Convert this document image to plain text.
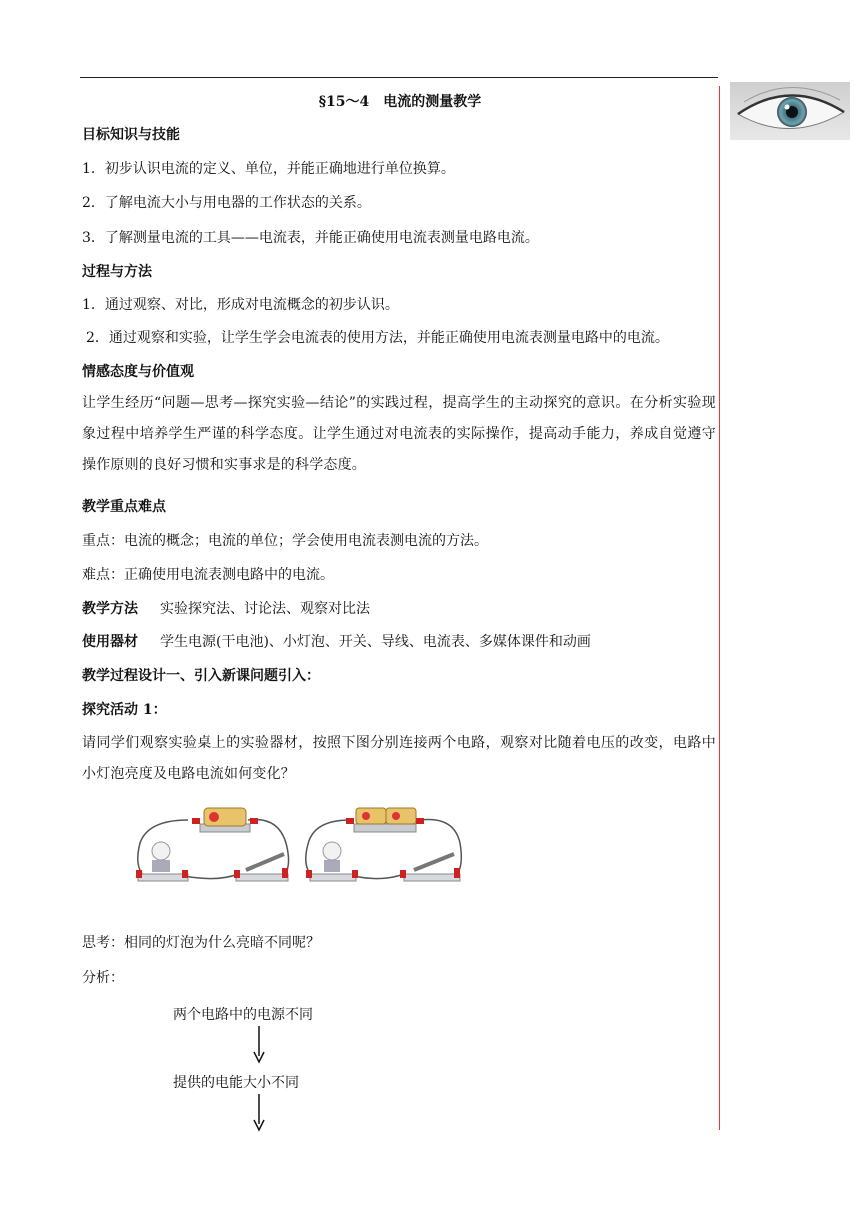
§15～4　电流的测量教学
目标知识与技能
1．初步认识电流的定义、单位，并能正确地进行单位换算。
2．了解电流大小与用电器的工作状态的关系。
3．了解测量电流的工具——电流表，并能正确使用电流表测量电路电流。
过程与方法
1．通过观察、对比，形成对电流概念的初步认识。
2．通过观察和实验，让学生学会电流表的使用方法，并能正确使用电流表测量电路中的电流。
情感态度与价值观
让学生经历“问题—思考—探究实验—结论”的实践过程，提高学生的主动探究的意识。在分析实验现象过程中培养学生严谨的科学态度。让学生通过对电流表的实际操作，提高动手能力，养成自觉遵守操作原则的良好习惯和实事求是的科学态度。
教学重点难点
重点：电流的概念；电流的单位；学会使用电流表测电流的方法。
难点：正确使用电流表测电路中的电流。
教学方法 实验探究法、讨论法、观察对比法
使用器材 学生电源(干电池)、小灯泡、开关、导线、电流表、多媒体课件和动画
教学过程设计一、引入新课问题引入：
探究活动 1：
请同学们观察实验桌上的实验器材，按照下图分别连接两个电路，观察对比随着电压的改变，电路中小灯泡亮度及电路电流如何变化？
思考：相同的灯泡为什么亮暗不同呢？
分析：
两个电路中的电源不同
提供的电能大小不同
